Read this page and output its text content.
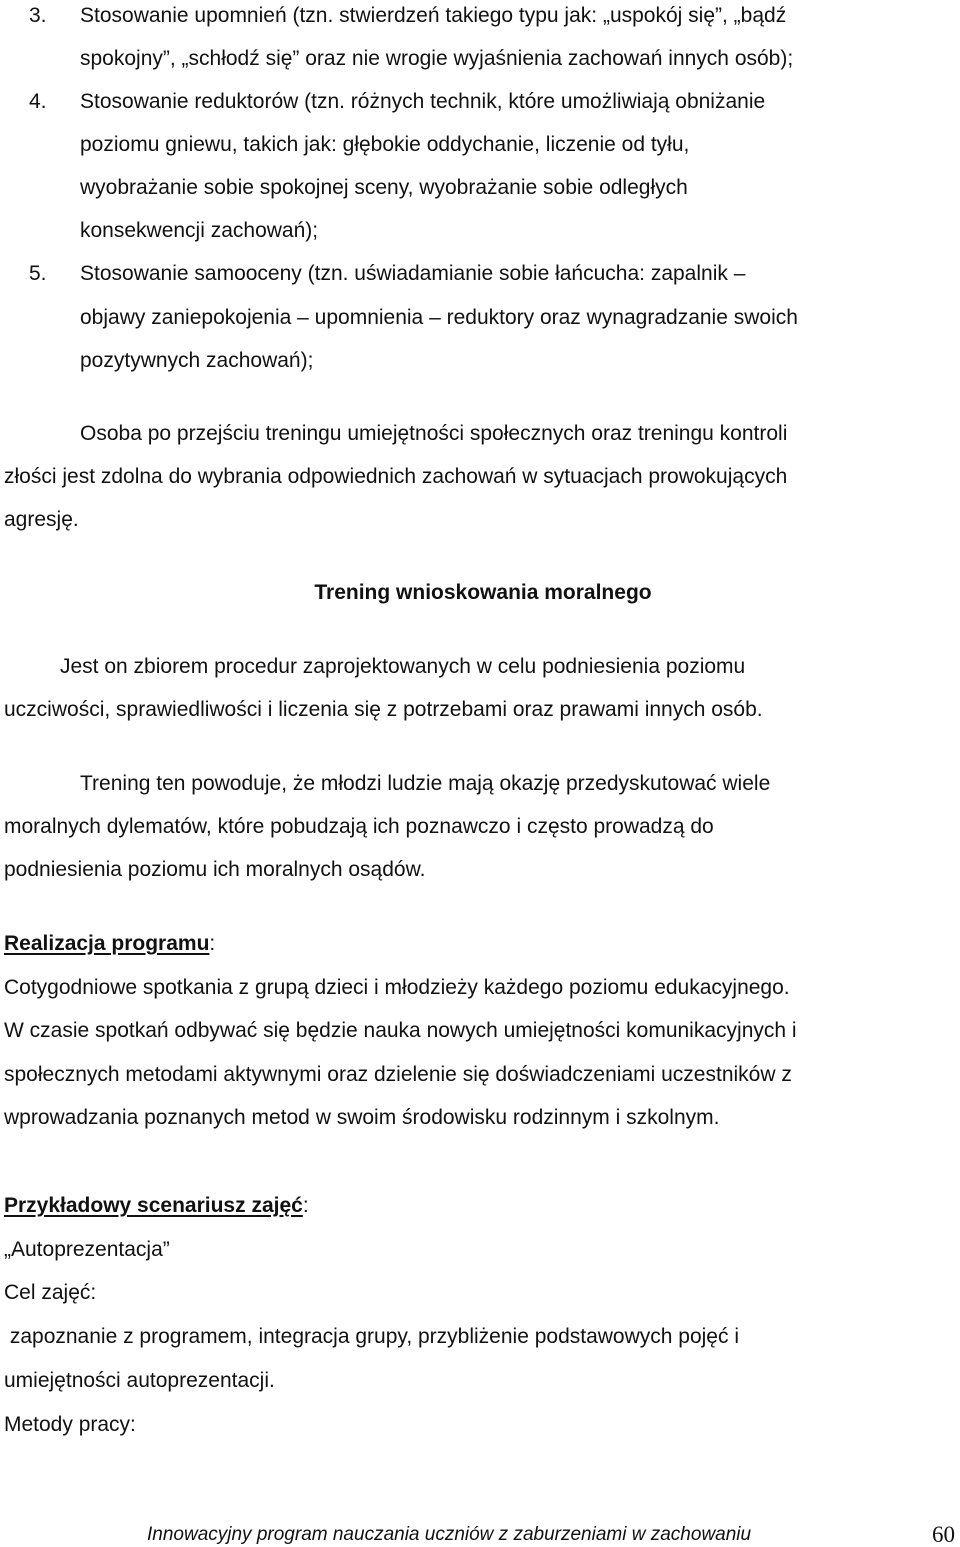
3. Stosowanie upomnień (tzn. stwierdzeń takiego typu jak: „uspokój się”, „bądź
spokojny”, „schłodź się” oraz nie wrogie wyjaśnienia zachowań innych osób);
4. Stosowanie reduktorów (tzn. różnych technik, które umożliwiają obniżanie
poziomu gniewu, takich jak: głębokie oddychanie, liczenie od tyłu,
wyobrażanie sobie spokojnej sceny, wyobrażanie sobie odległych
konsekwencji zachowań);
5. Stosowanie samooceny (tzn. uświadamianie sobie łańcucha: zapalnik –
objawy zaniepokojenia – upomnienia – reduktory oraz wynagradzanie swoich
pozytywnych zachowań);
Osoba po przejściu treningu umiejętności społecznych oraz treningu kontroli
złości jest zdolna do wybrania odpowiednich zachowań w sytuacjach prowokujących
agresję.
Trening wnioskowania moralnego
Jest on zbiorem procedur zaprojektowanych w celu podniesienia poziomu
uczciwości, sprawiedliwości i liczenia się z potrzebami oraz prawami innych osób.
Trening ten powoduje, że młodzi ludzie mają okazję przedyskutować wiele
moralnych dylematów, które pobudzają ich poznawczo i często prowadzą do
podniesienia poziomu ich moralnych osądów.
Realizacja programu:
Cotygodniowe spotkania z grupą dzieci i młodzieży każdego poziomu edukacyjnego.
W czasie spotkań odbywać się będzie nauka nowych umiejętności komunikacyjnych i
społecznych metodami aktywnymi oraz dzielenie się doświadczeniami uczestników z
wprowadzania poznanych metod w swoim środowisku rodzinnym i szkolnym.
Przykładowy scenariusz zajęć:
„Autoprezentacja”
Cel zajęć:
zapoznanie z programem, integracja grupy, przybliżenie podstawowych pojęć i
umiejętności autoprezentacji.
Metody pracy:
Innowacyjny program nauczania uczniów z zaburzeniami w zachowaniu	60
